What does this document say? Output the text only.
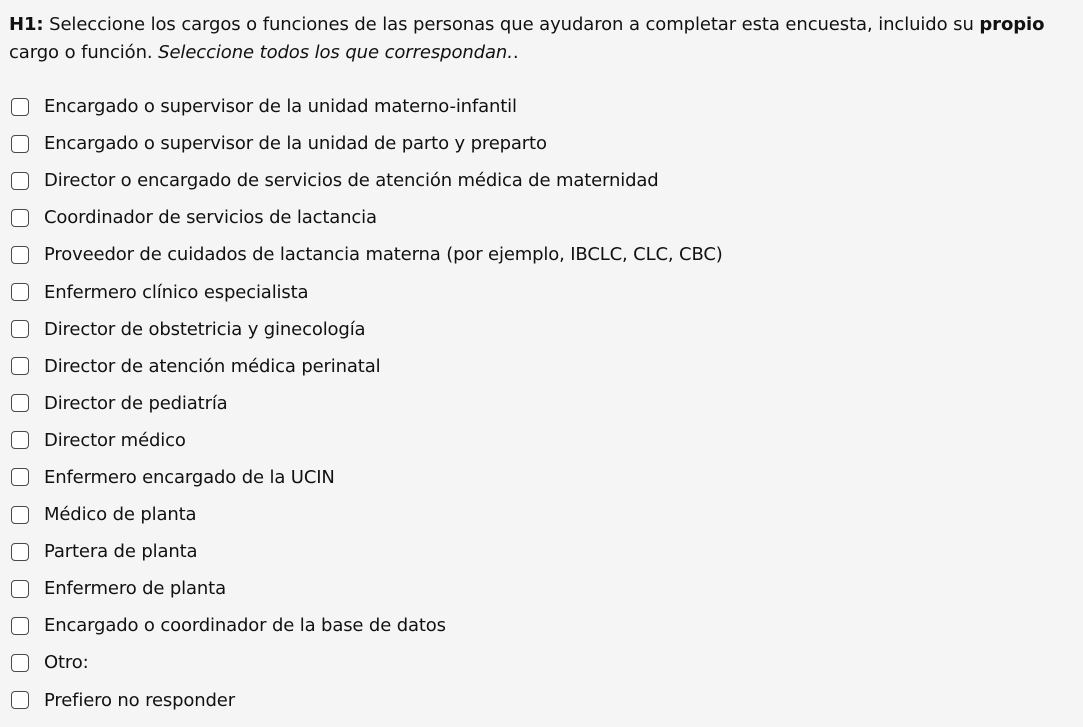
H1: Seleccione los cargos o funciones de las personas que ayudaron a completar esta encuesta, incluido su propio cargo o función. Seleccione todos los que correspondan..
Encargado o supervisor de la unidad materno-infantil
Encargado o supervisor de la unidad de parto y preparto
Director o encargado de servicios de atención médica de maternidad
Coordinador de servicios de lactancia
Proveedor de cuidados de lactancia materna (por ejemplo, IBCLC, CLC, CBC)
Enfermero clínico especialista
Director de obstetricia y ginecología
Director de atención médica perinatal
Director de pediatría
Director médico
Enfermero encargado de la UCIN
Médico de planta
Partera de planta
Enfermero de planta
Encargado o coordinador de la base de datos
Otro:
Prefiero no responder
